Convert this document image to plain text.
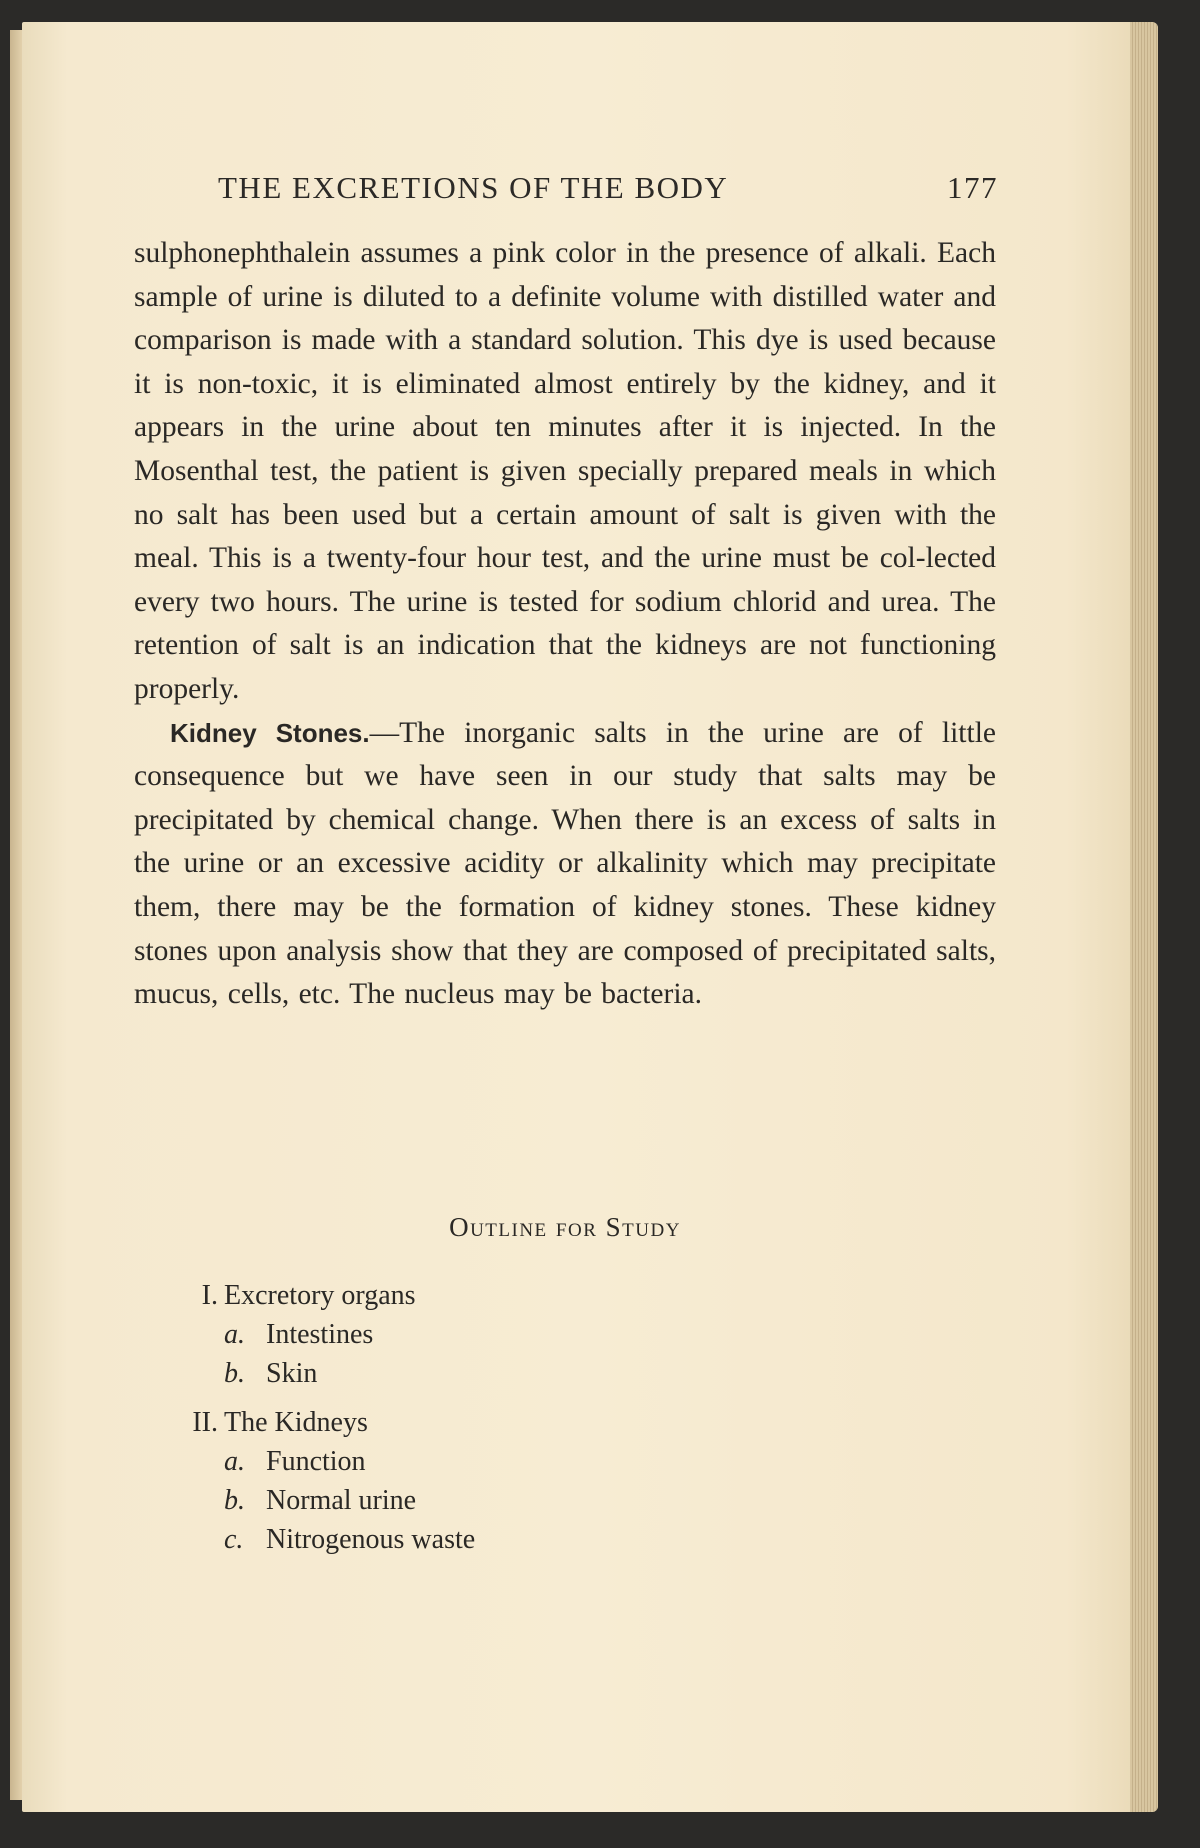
THE EXCRETIONS OF THE BODY	177

sulphonephthalein assumes a pink color in the presence of alkali. Each sample of urine is diluted to a definite volume with distilled water and comparison is made with a standard solution. This dye is used because it is non-toxic, it is eliminated almost entirely by the kidney, and it appears in the urine about ten minutes after it is injected. In the Mosenthal test, the patient is given specially prepared meals in which no salt has been used but a certain amount of salt is given with the meal. This is a twenty-four hour test, and the urine must be col-lected every two hours. The urine is tested for sodium chlorid and urea. The retention of salt is an indication that the kidneys are not functioning properly.

Kidney Stones.—The inorganic salts in the urine are of little consequence but we have seen in our study that salts may be precipitated by chemical change. When there is an excess of salts in the urine or an excessive acidity or alkalinity which may precipitate them, there may be the formation of kidney stones. These kidney stones upon analysis show that they are composed of precipitated salts, mucus, cells, etc. The nucleus may be bacteria.

Outline for Study
I. Excretory organs
a. Intestines
b. Skin
II. The Kidneys
a. Function
b. Normal urine
c. Nitrogenous waste
